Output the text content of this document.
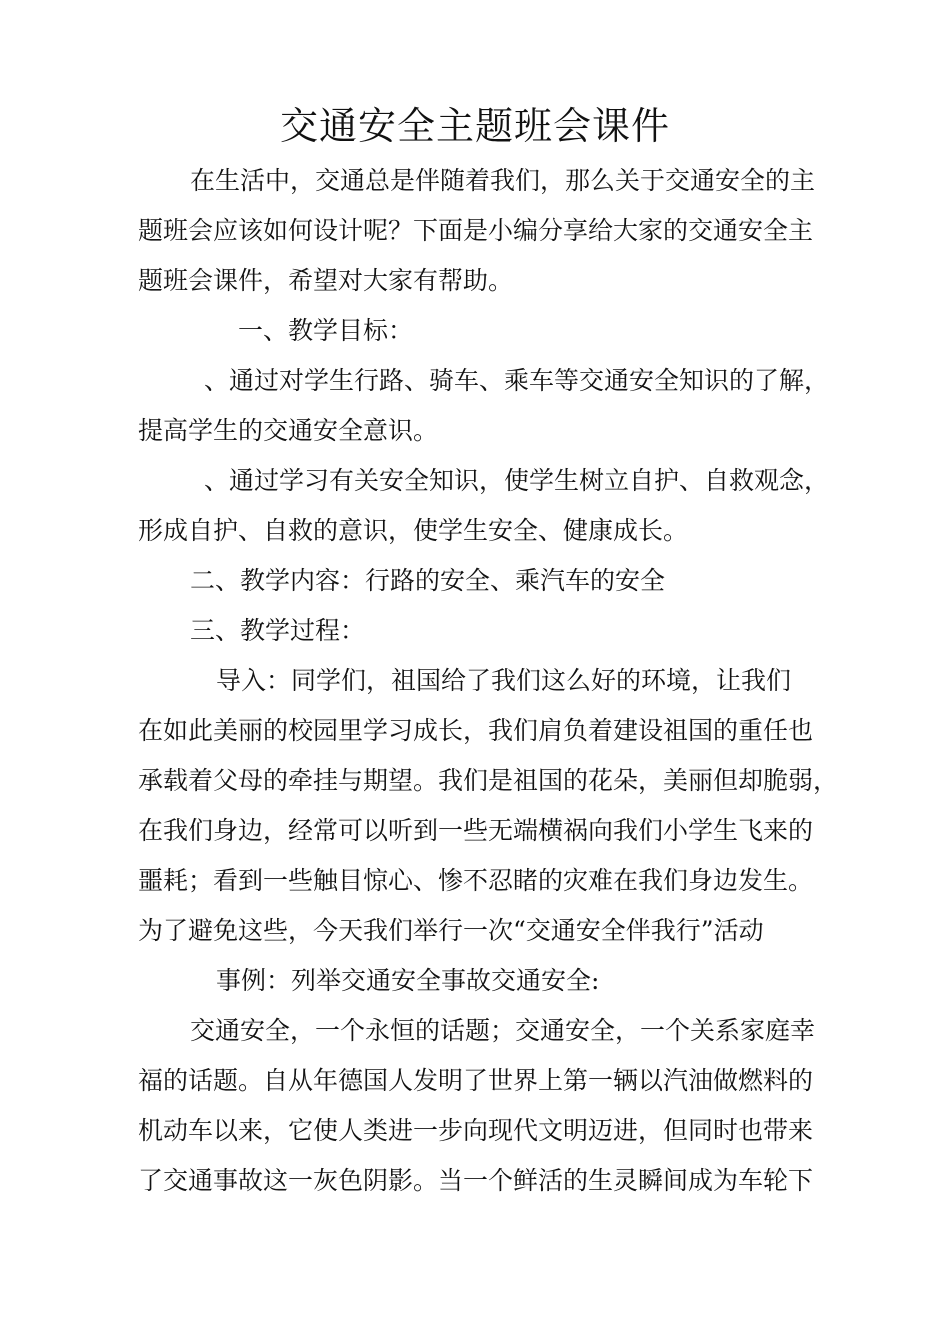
交通安全主题班会课件
在生活中，交通总是伴随着我们，那么关于交通安全的主
题班会应该如何设计呢？下面是小编分享给大家的交通安全主
题班会课件，希望对大家有帮助。
一、教学目标：
、通过对学生行路、骑车、乘车等交通安全知识的了解，
提高学生的交通安全意识。
、通过学习有关安全知识，使学生树立自护、自救观念，
形成自护、自救的意识，使学生安全、健康成长。
二、教学内容：行路的安全、乘汽车的安全
三、教学过程：
导入：同学们，祖国给了我们这么好的环境，让我们
在如此美丽的校园里学习成长，我们肩负着建设祖国的重任也
承载着父母的牵挂与期望。我们是祖国的花朵，美丽但却脆弱，
在我们身边，经常可以听到一些无端横祸向我们小学生飞来的
噩耗；看到一些触目惊心、惨不忍睹的灾难在我们身边发生。
为了避免这些，今天我们举行一次“交通安全伴我行”活动
事例：列举交通安全事故交通安全:
交通安全，一个永恒的话题；交通安全，一个关系家庭幸
福的话题。自从年德国人发明了世界上第一辆以汽油做燃料的
机动车以来，它使人类进一步向现代文明迈进，但同时也带来
了交通事故这一灰色阴影。当一个鲜活的生灵瞬间成为车轮下
